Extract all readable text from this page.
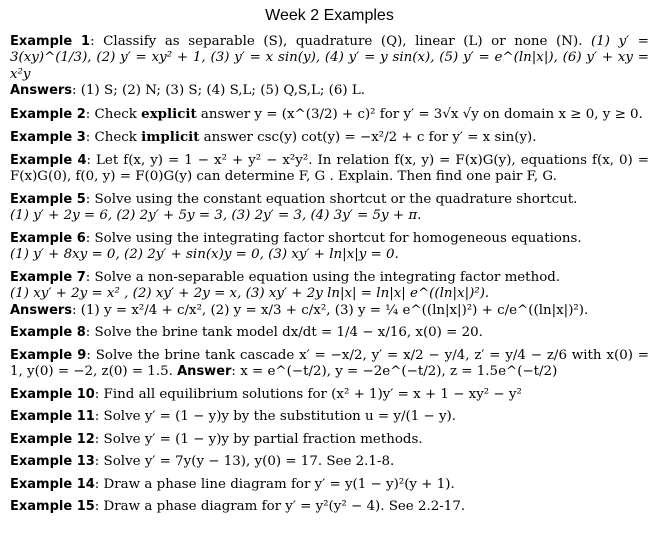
Week 2 Examples
Example 1: Classify as separable (S), quadrature (Q), linear (L) or none (N). (1) y′ = 3(xy)^(1/3), (2) y′ = xy² + 1, (3) y′ = x sin(y), (4) y′ = y sin(x), (5) y′ = e^(ln|x|), (6) y′ + xy = x²y
Answers: (1) S; (2) N; (3) S; (4) S,L; (5) Q,S,L; (6) L.
Example 2: Check explicit answer y = (x^(3/2) + c)² for y′ = 3√x √y on domain x ≥ 0, y ≥ 0.
Example 3: Check implicit answer csc(y) cot(y) = −x²/2 + c for y′ = x sin(y).
Example 4: Let f(x, y) = 1 − x² + y² − x²y². In relation f(x, y) = F(x)G(y), equations f(x, 0) = F(x)G(0), f(0, y) = F(0)G(y) can determine F, G . Explain. Then find one pair F, G.
Example 5: Solve using the constant equation shortcut or the quadrature shortcut.
(1) y′ + 2y = 6, (2) 2y′ + 5y = 3, (3) 2y′ = 3, (4) 3y′ = 5y + π.
Example 6: Solve using the integrating factor shortcut for homogeneous equations.
(1) y′ + 8xy = 0, (2) 2y′ + sin(x)y = 0, (3) xy′ + ln|x|y = 0.
Example 7: Solve a non-separable equation using the integrating factor method.
(1) xy′ + 2y = x² , (2) xy′ + 2y = x, (3) xy′ + 2y ln|x| = ln|x| e^((ln|x|)²).
Answers: (1) y = x²/4 + c/x², (2) y = x/3 + c/x², (3) y = ¼ e^((ln|x|)²) + c/e^((ln|x|)²).
Example 8: Solve the brine tank model dx/dt = 1/4 − x/16, x(0) = 20.
Example 9: Solve the brine tank cascade x′ = −x/2, y′ = x/2 − y/4, z′ = y/4 − z/6 with x(0) = 1, y(0) = −2, z(0) = 1.5. Answer: x = e^(−t/2), y = −2e^(−t/2), z = 1.5e^(−t/2)
Example 10: Find all equilibrium solutions for (x² + 1)y′ = x + 1 − xy² − y²
Example 11: Solve y′ = (1 − y)y by the substitution u = y/(1 − y).
Example 12: Solve y′ = (1 − y)y by partial fraction methods.
Example 13: Solve y′ = 7y(y − 13), y(0) = 17. See 2.1-8.
Example 14: Draw a phase line diagram for y′ = y(1 − y)²(y + 1).
Example 15: Draw a phase diagram for y′ = y²(y² − 4). See 2.2-17.
